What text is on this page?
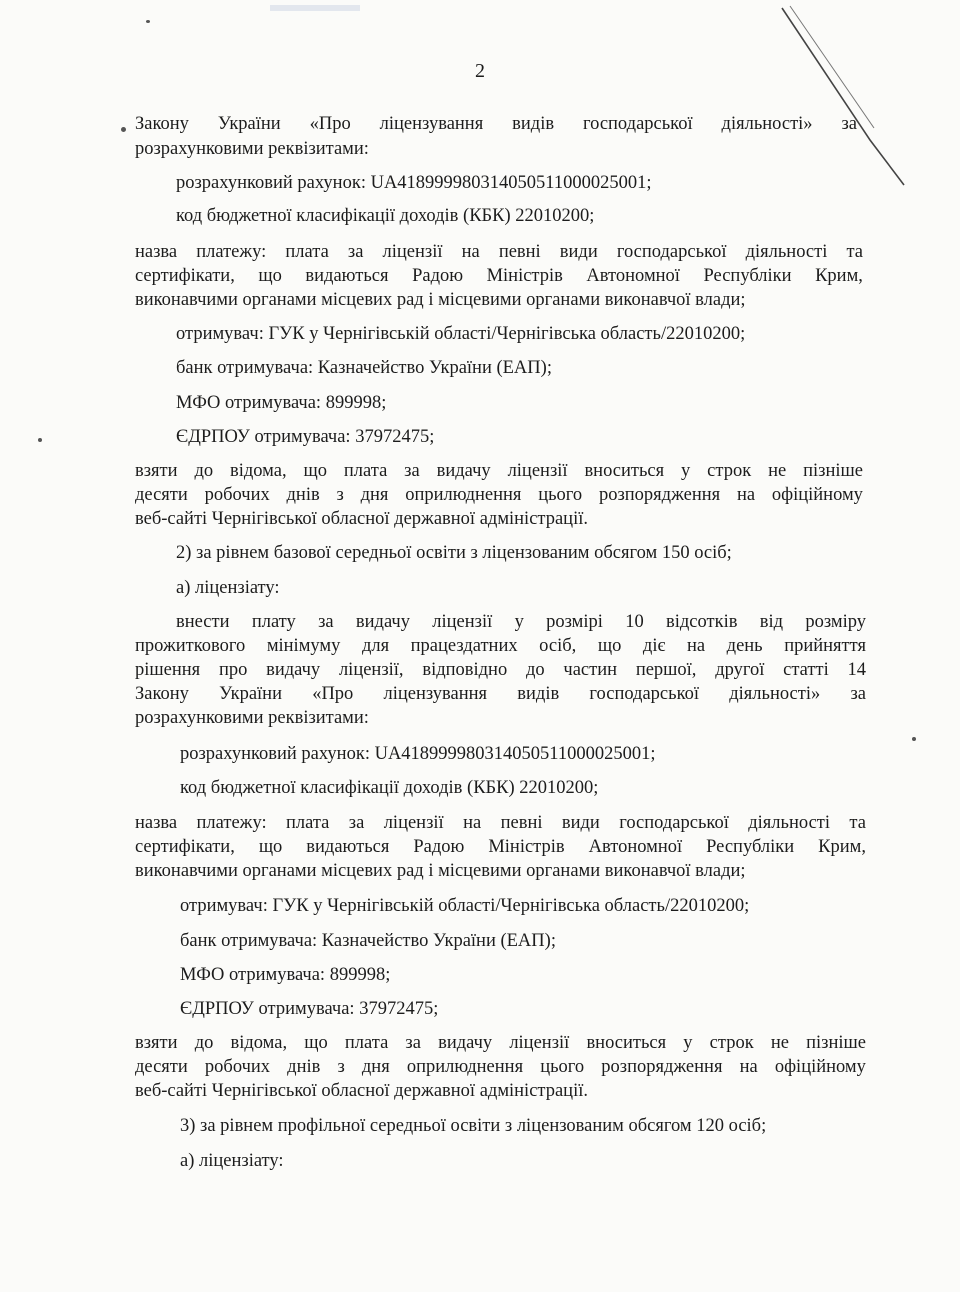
2
Закону України «Про ліцензування видів господарської діяльності» за
розрахунковими реквізитами:
розрахунковий рахунок: UA418999980314050511000025001;
код бюджетної класифікації доходів (КБК) 22010200;
назва платежу: плата за ліцензії на певні види господарської діяльності та
сертифікати, що видаються Радою Міністрів Автономної Республіки Крим,
виконавчими органами місцевих рад і місцевими органами виконавчої влади;
отримувач: ГУК у Чернігівській області/Чернігівська область/22010200;
банк отримувача: Казначейство України (ЕАП);
МФО отримувача: 899998;
ЄДРПОУ отримувача: 37972475;
взяти до відома, що плата за видачу ліцензії вноситься у строк не пізніше
десяти робочих днів з дня оприлюднення цього розпорядження на офіційному
веб-сайті Чернігівської обласної державної адміністрації.
2) за рівнем базової середньої освіти з ліцензованим обсягом 150 осіб;
а) ліцензіату:
внести плату за видачу ліцензії у розмірі 10 відсотків від розміру
прожиткового мінімуму для працездатних осіб, що діє на день прийняття
рішення про видачу ліцензії, відповідно до частин першої, другої статті 14
Закону України «Про ліцензування видів господарської діяльності» за
розрахунковими реквізитами:
розрахунковий рахунок: UA418999980314050511000025001;
код бюджетної класифікації доходів (КБК) 22010200;
назва платежу: плата за ліцензії на певні види господарської діяльності та
сертифікати, що видаються Радою Міністрів Автономної Республіки Крим,
виконавчими органами місцевих рад і місцевими органами виконавчої влади;
отримувач: ГУК у Чернігівській області/Чернігівська область/22010200;
банк отримувача: Казначейство України (ЕАП);
МФО отримувача: 899998;
ЄДРПОУ отримувача: 37972475;
взяти до відома, що плата за видачу ліцензії вноситься у строк не пізніше
десяти робочих днів з дня оприлюднення цього розпорядження на офіційному
веб-сайті Чернігівської обласної державної адміністрації.
3) за рівнем профільної середньої освіти з ліцензованим обсягом 120 осіб;
а) ліцензіату:
